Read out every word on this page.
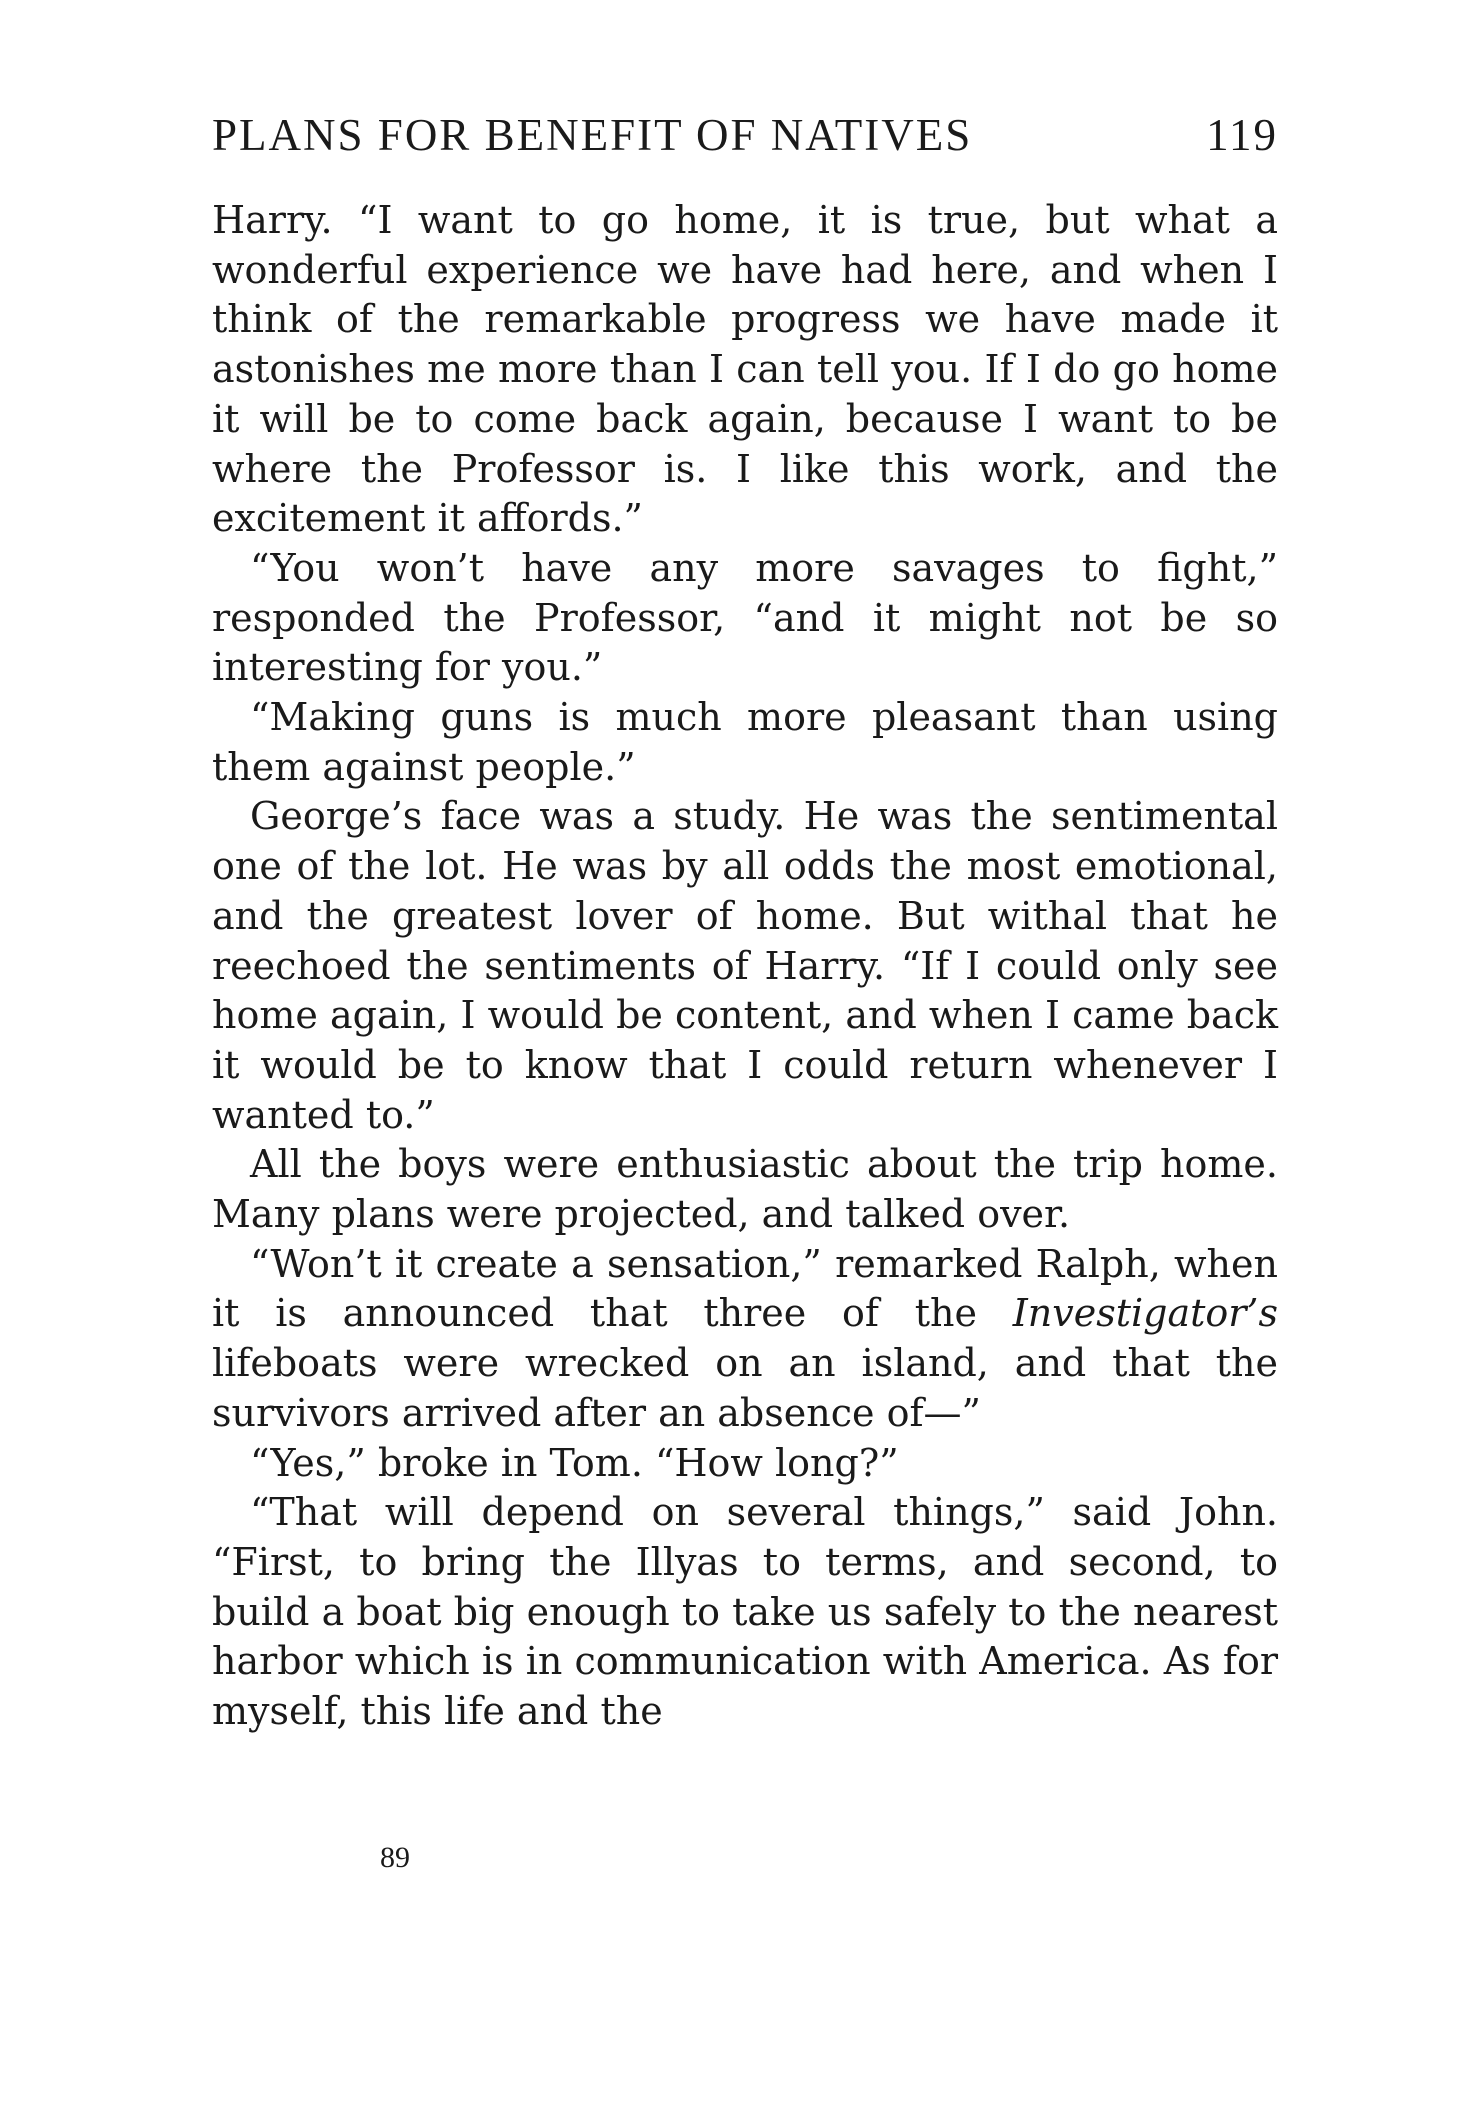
PLANS FOR BENEFIT OF NATIVES	119

Harry. “I want to go home, it is true, but what a wonderful experience we have had here, and when I think of the remarkable progress we have made it astonishes me more than I can tell you. If I do go home it will be to come back again, because I want to be where the Professor is. I like this work, and the excitement it affords.”

“You won’t have any more savages to fight,” responded the Professor, “and it might not be so interesting for you.”

“Making guns is much more pleasant than using them against people.”

George’s face was a study. He was the sentimental one of the lot. He was by all odds the most emotional, and the greatest lover of home. But withal that he reechoed the sentiments of Harry. “If I could only see home again, I would be content, and when I came back it would be to know that I could return whenever I wanted to.”

All the boys were enthusiastic about the trip home. Many plans were projected, and talked over.

“Won’t it create a sensation,” remarked Ralph, when it is announced that three of the Investigator’s lifeboats were wrecked on an island, and that the survivors arrived after an absence of—”

“Yes,” broke in Tom. “How long?”

“That will depend on several things,” said John. “First, to bring the Illyas to terms, and second, to build a boat big enough to take us safely to the nearest harbor which is in communication with America. As for myself, this life and the

89
